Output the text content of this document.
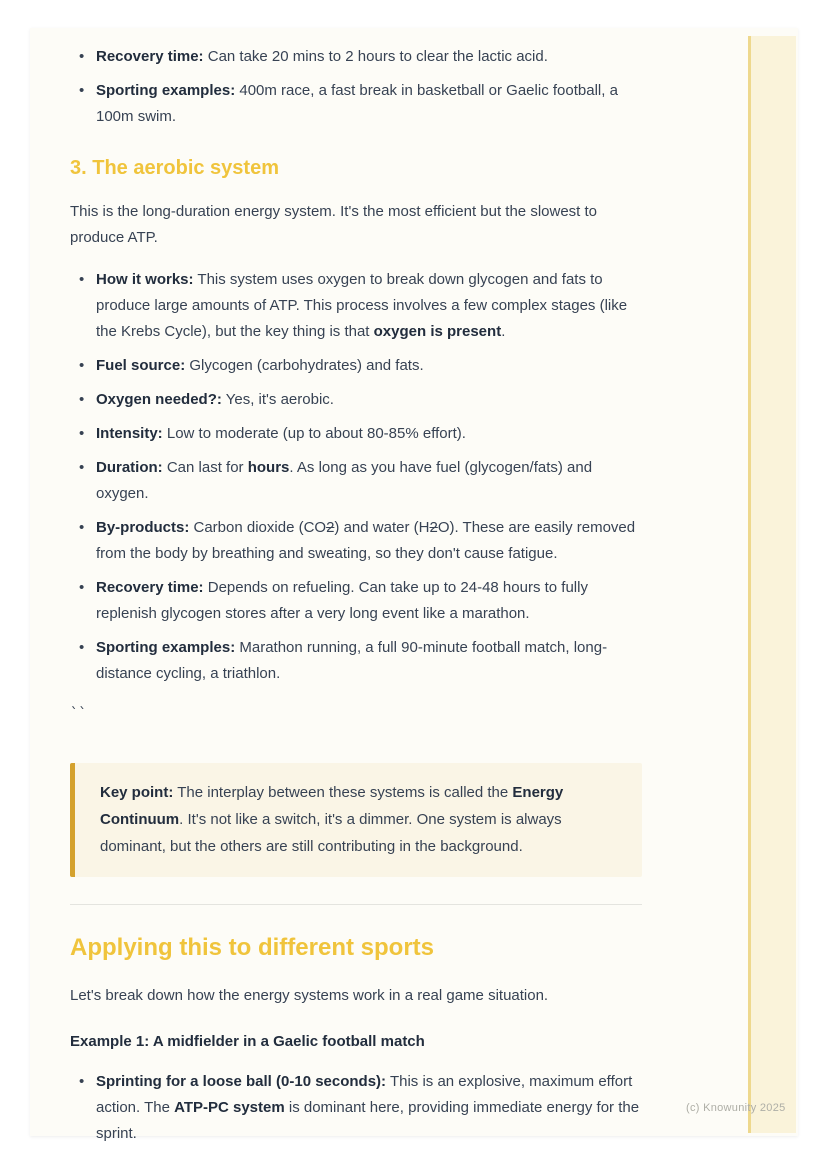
• Recovery time: Can take 20 mins to 2 hours to clear the lactic acid.
• Sporting examples: 400m race, a fast break in basketball or Gaelic football, a 100m swim.
3. The aerobic system

This is the long-duration energy system. It's the most efficient but the slowest to produce ATP.

• How it works: This system uses oxygen to break down glycogen and fats to produce large amounts of ATP. This process involves a few complex stages (like the Krebs Cycle), but the key thing is that oxygen is present.
• Fuel source: Glycogen (carbohydrates) and fats.
• Oxygen needed?: Yes, it's aerobic.
• Intensity: Low to moderate (up to about 80-85% effort).
• Duration: Can last for hours. As long as you have fuel (glycogen/fats) and oxygen.
• By-products: Carbon dioxide (CO2) and water (H2O). These are easily removed from the body by breathing and sweating, so they don't cause fatigue.
• Recovery time: Depends on refueling. Can take up to 24-48 hours to fully replenish glycogen stores after a very long event like a marathon.
• Sporting examples: Marathon running, a full 90-minute football match, long-distance cycling, a triathlon.
``

Key point: The interplay between these systems is called the Energy Continuum. It's not like a switch, it's a dimmer. One system is always dominant, but the others are still contributing in the background.

Applying this to different sports

Let's break down how the energy systems work in a real game situation.

Example 1: A midfielder in a Gaelic football match

• Sprinting for a loose ball (0-10 seconds): This is an explosive, maximum effort action. The ATP-PC system is dominant here, providing immediate energy for the sprint.
(c) Knowunity 2025
